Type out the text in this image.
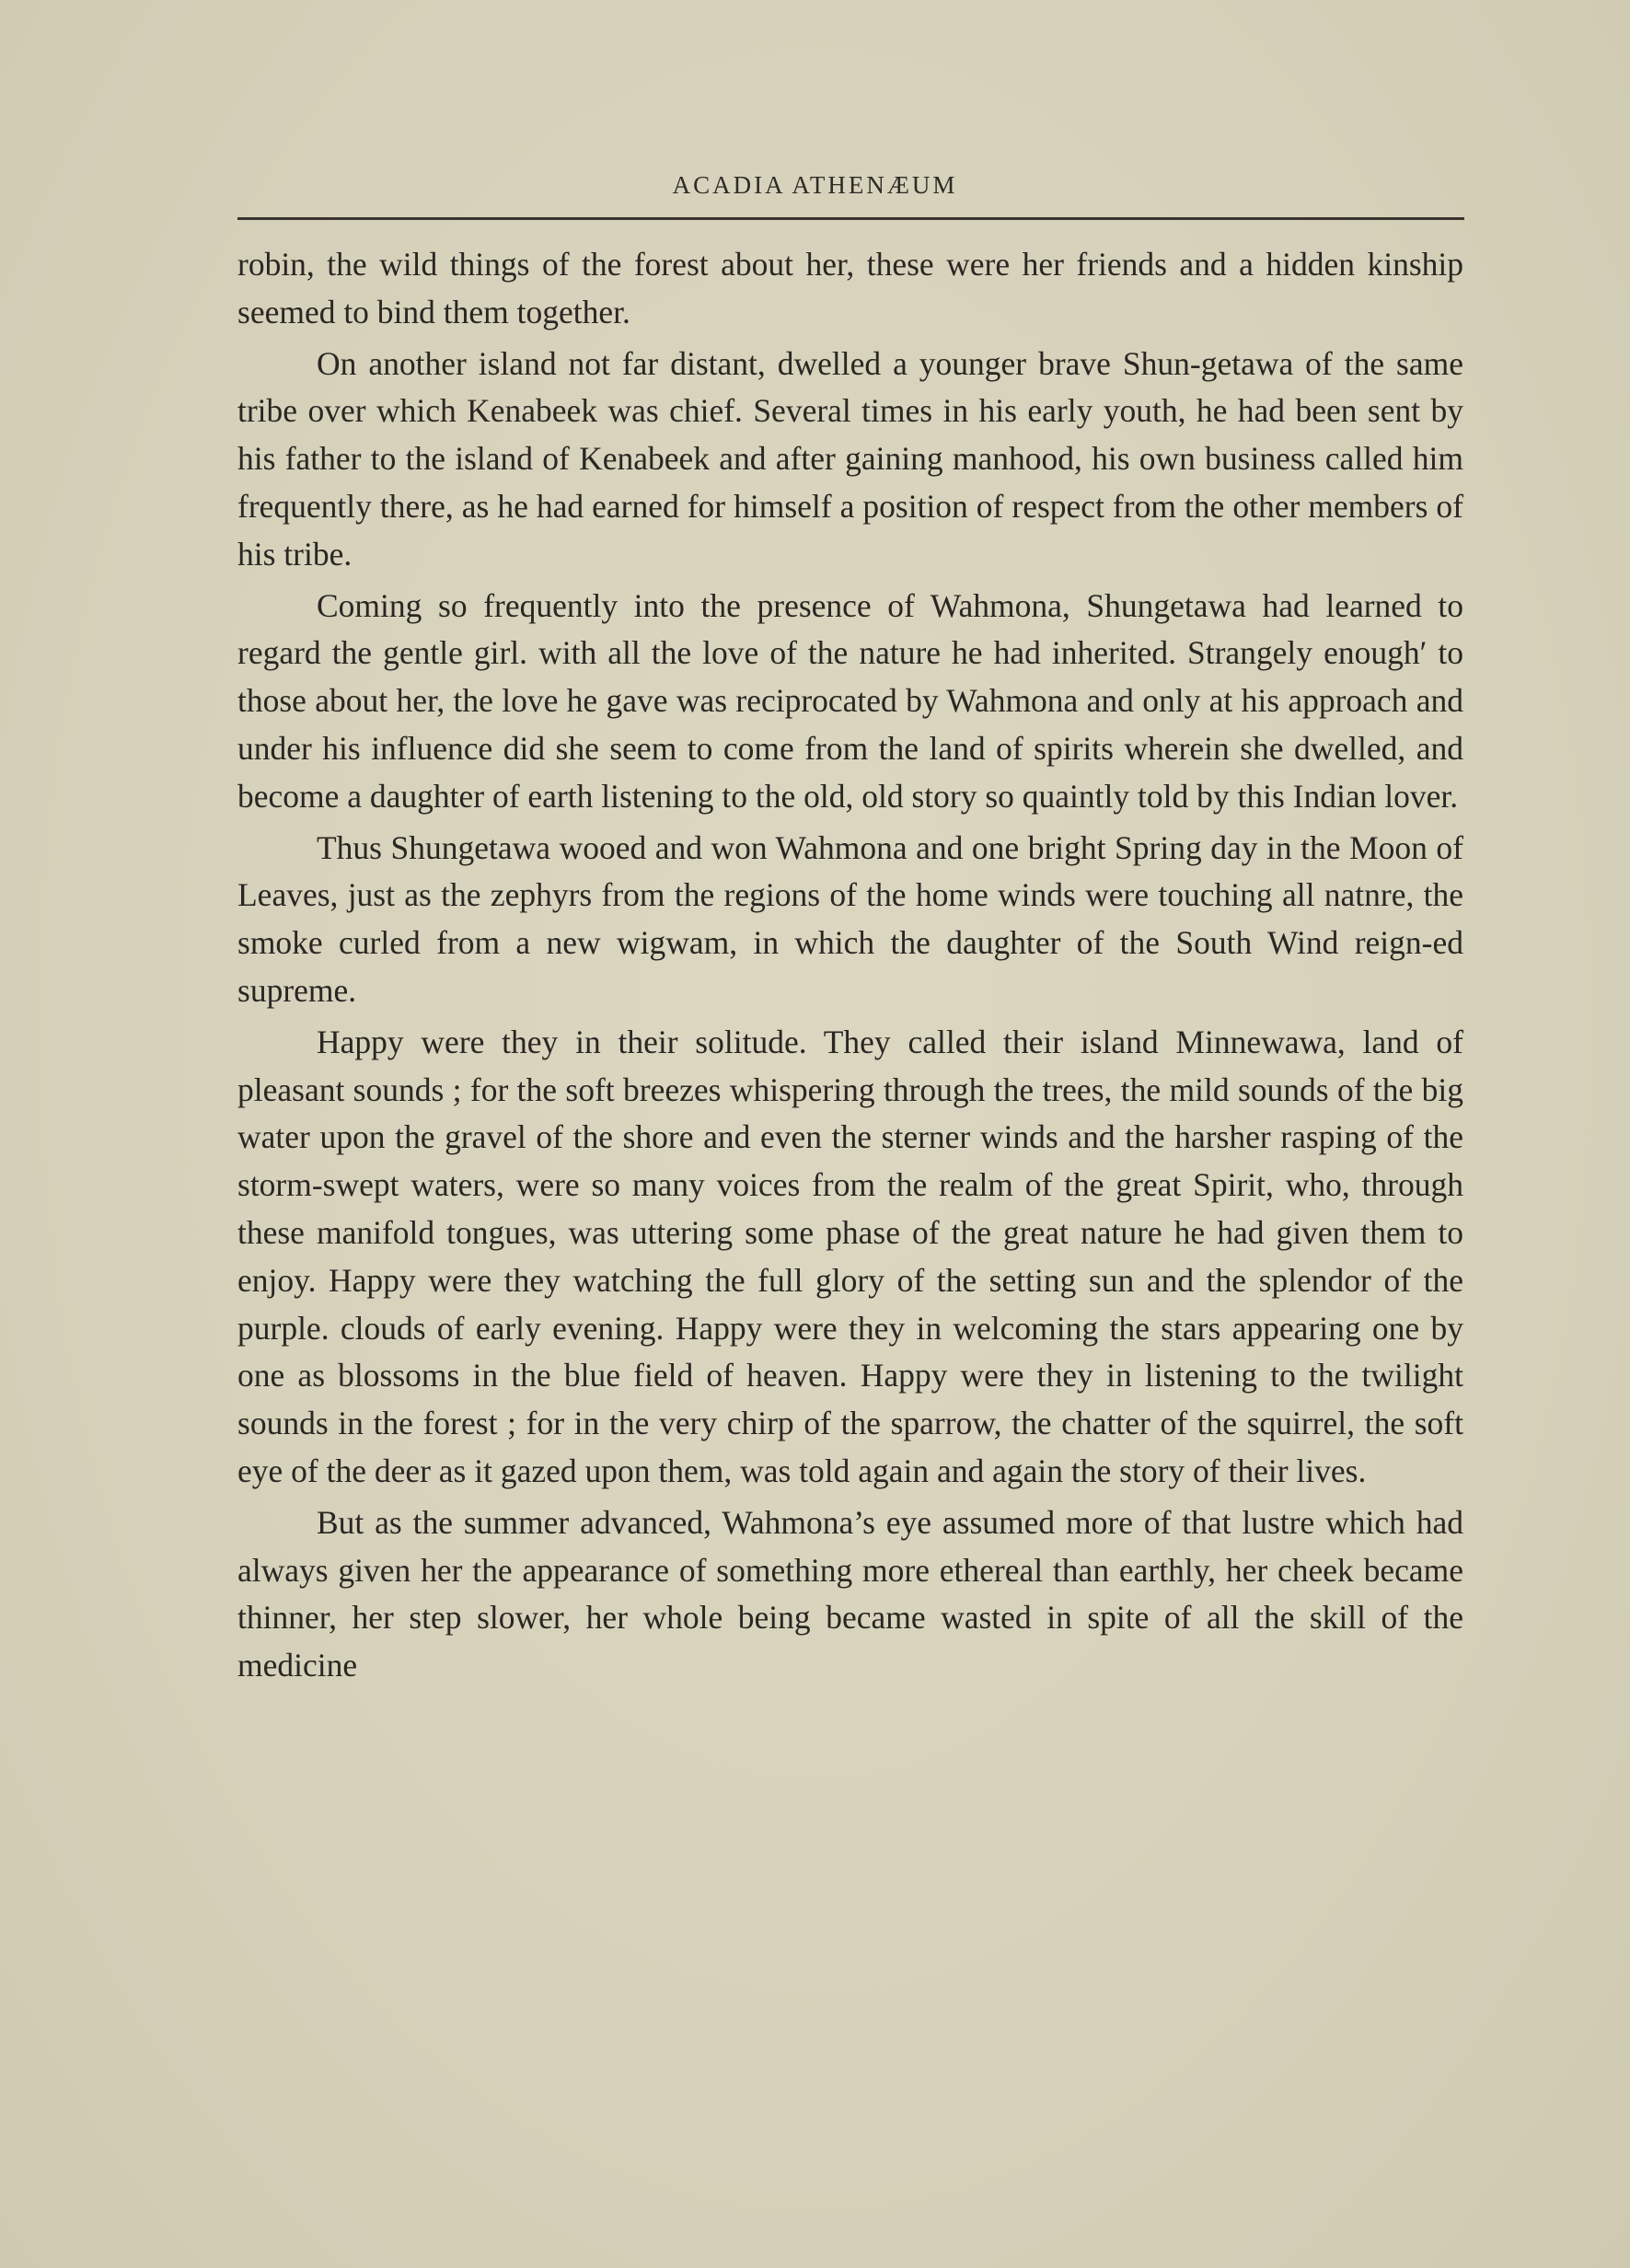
ACADIA ATHENÆUM

robin, the wild things of the forest about her, these were her friends and a hidden kinship seemed to bind them together.

On another island not far distant, dwelled a younger brave Shun-getawa of the same tribe over which Kenabeek was chief. Several times in his early youth, he had been sent by his father to the island of Kenabeek and after gaining manhood, his own business called him frequently there, as he had earned for himself a position of respect from the other members of his tribe.

Coming so frequently into the presence of Wahmona, Shungetawa had learned to regard the gentle girl. with all the love of the nature he had inherited. Strangely enough′ to those about her, the love he gave was reciprocated by Wahmona and only at his approach and under his influence did she seem to come from the land of spirits wherein she dwelled, and become a daughter of earth listening to the old, old story so quaintly told by this Indian lover.

Thus Shungetawa wooed and won Wahmona and one bright Spring day in the Moon of Leaves, just as the zephyrs from the regions of the home winds were touching all natnre, the smoke curled from a new wigwam, in which the daughter of the South Wind reign-ed supreme.

Happy were they in their solitude. They called their island Minnewawa, land of pleasant sounds ; for the soft breezes whispering through the trees, the mild sounds of the big water upon the gravel of the shore and even the sterner winds and the harsher rasping of the storm-swept waters, were so many voices from the realm of the great Spirit, who, through these manifold tongues, was uttering some phase of the great nature he had given them to enjoy. Happy were they watching the full glory of the setting sun and the splendor of the purple. clouds of early evening. Happy were they in welcoming the stars appearing one by one as blossoms in the blue field of heaven. Happy were they in listening to the twilight sounds in the forest ; for in the very chirp of the sparrow, the chatter of the squirrel, the soft eye of the deer as it gazed upon them, was told again and again the story of their lives.

But as the summer advanced, Wahmona’s eye assumed more of that lustre which had always given her the appearance of something more ethereal than earthly, her cheek became thinner, her step slower, her whole being became wasted in spite of all the skill of the medicine
